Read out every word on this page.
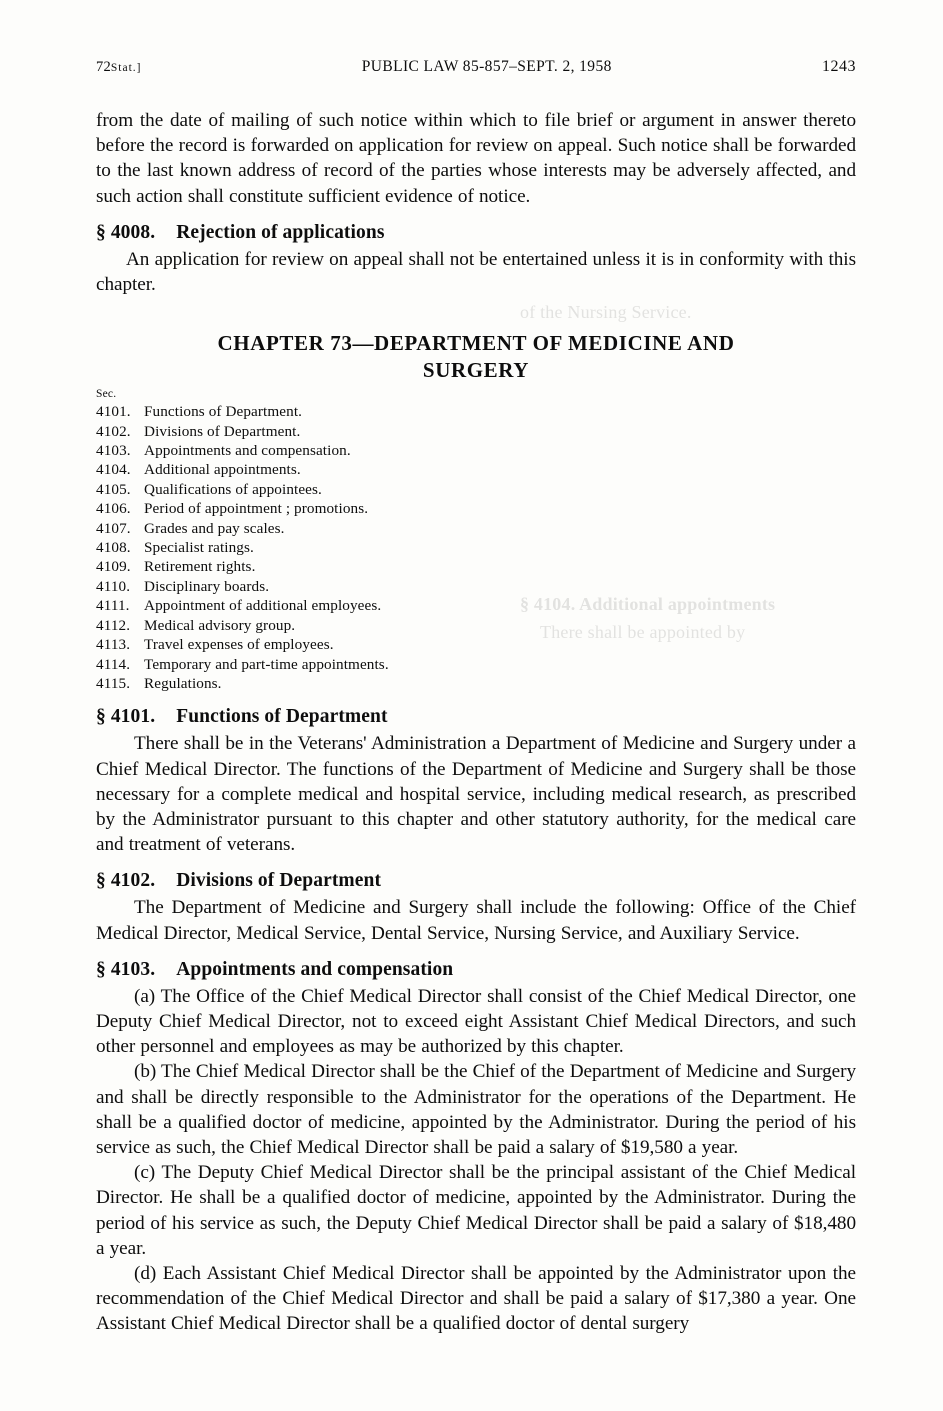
72Stat.]	PUBLIC LAW 85-857–SEPT. 2, 1958	1243

from the date of mailing of such notice within which to file brief or argument in answer thereto before the record is forwarded on application for review on appeal. Such notice shall be forwarded to the last known address of record of the parties whose interests may be adversely affected, and such action shall constitute sufficient evidence of notice.

§ 4008. Rejection of applications

An application for review on appeal shall not be entertained unless it is in conformity with this chapter.

CHAPTER 73—DEPARTMENT OF MEDICINE AND
SURGERY
Sec.
4101. Functions of Department.
4102. Divisions of Department.
4103. Appointments and compensation.
4104. Additional appointments.
4105. Qualifications of appointees.
4106. Period of appointment ; promotions.
4107. Grades and pay scales.
4108. Specialist ratings.
4109. Retirement rights.
4110. Disciplinary boards.
4111. Appointment of additional employees.
4112. Medical advisory group.
4113. Travel expenses of employees.
4114. Temporary and part-time appointments.
4115. Regulations.
§ 4101. Functions of Department

There shall be in the Veterans' Administration a Department of Medicine and Surgery under a Chief Medical Director. The functions of the Department of Medicine and Surgery shall be those necessary for a complete medical and hospital service, including medical research, as prescribed by the Administrator pursuant to this chapter and other statutory authority, for the medical care and treatment of veterans.

§ 4102. Divisions of Department

The Department of Medicine and Surgery shall include the following: Office of the Chief Medical Director, Medical Service, Dental Service, Nursing Service, and Auxiliary Service.

§ 4103. Appointments and compensation

(a) The Office of the Chief Medical Director shall consist of the Chief Medical Director, one Deputy Chief Medical Director, not to exceed eight Assistant Chief Medical Directors, and such other personnel and employees as may be authorized by this chapter.

(b) The Chief Medical Director shall be the Chief of the Department of Medicine and Surgery and shall be directly responsible to the Administrator for the operations of the Department. He shall be a qualified doctor of medicine, appointed by the Administrator. During the period of his service as such, the Chief Medical Director shall be paid a salary of $19,580 a year.

(c) The Deputy Chief Medical Director shall be the principal assistant of the Chief Medical Director. He shall be a qualified doctor of medicine, appointed by the Administrator. During the period of his service as such, the Deputy Chief Medical Director shall be paid a salary of $18,480 a year.

(d) Each Assistant Chief Medical Director shall be appointed by the Administrator upon the recommendation of the Chief Medical Director and shall be paid a salary of $17,380 a year. One Assistant Chief Medical Director shall be a qualified doctor of dental surgery

of the Nursing Service.
§ 4104. Additional appointments
There shall be appointed by
